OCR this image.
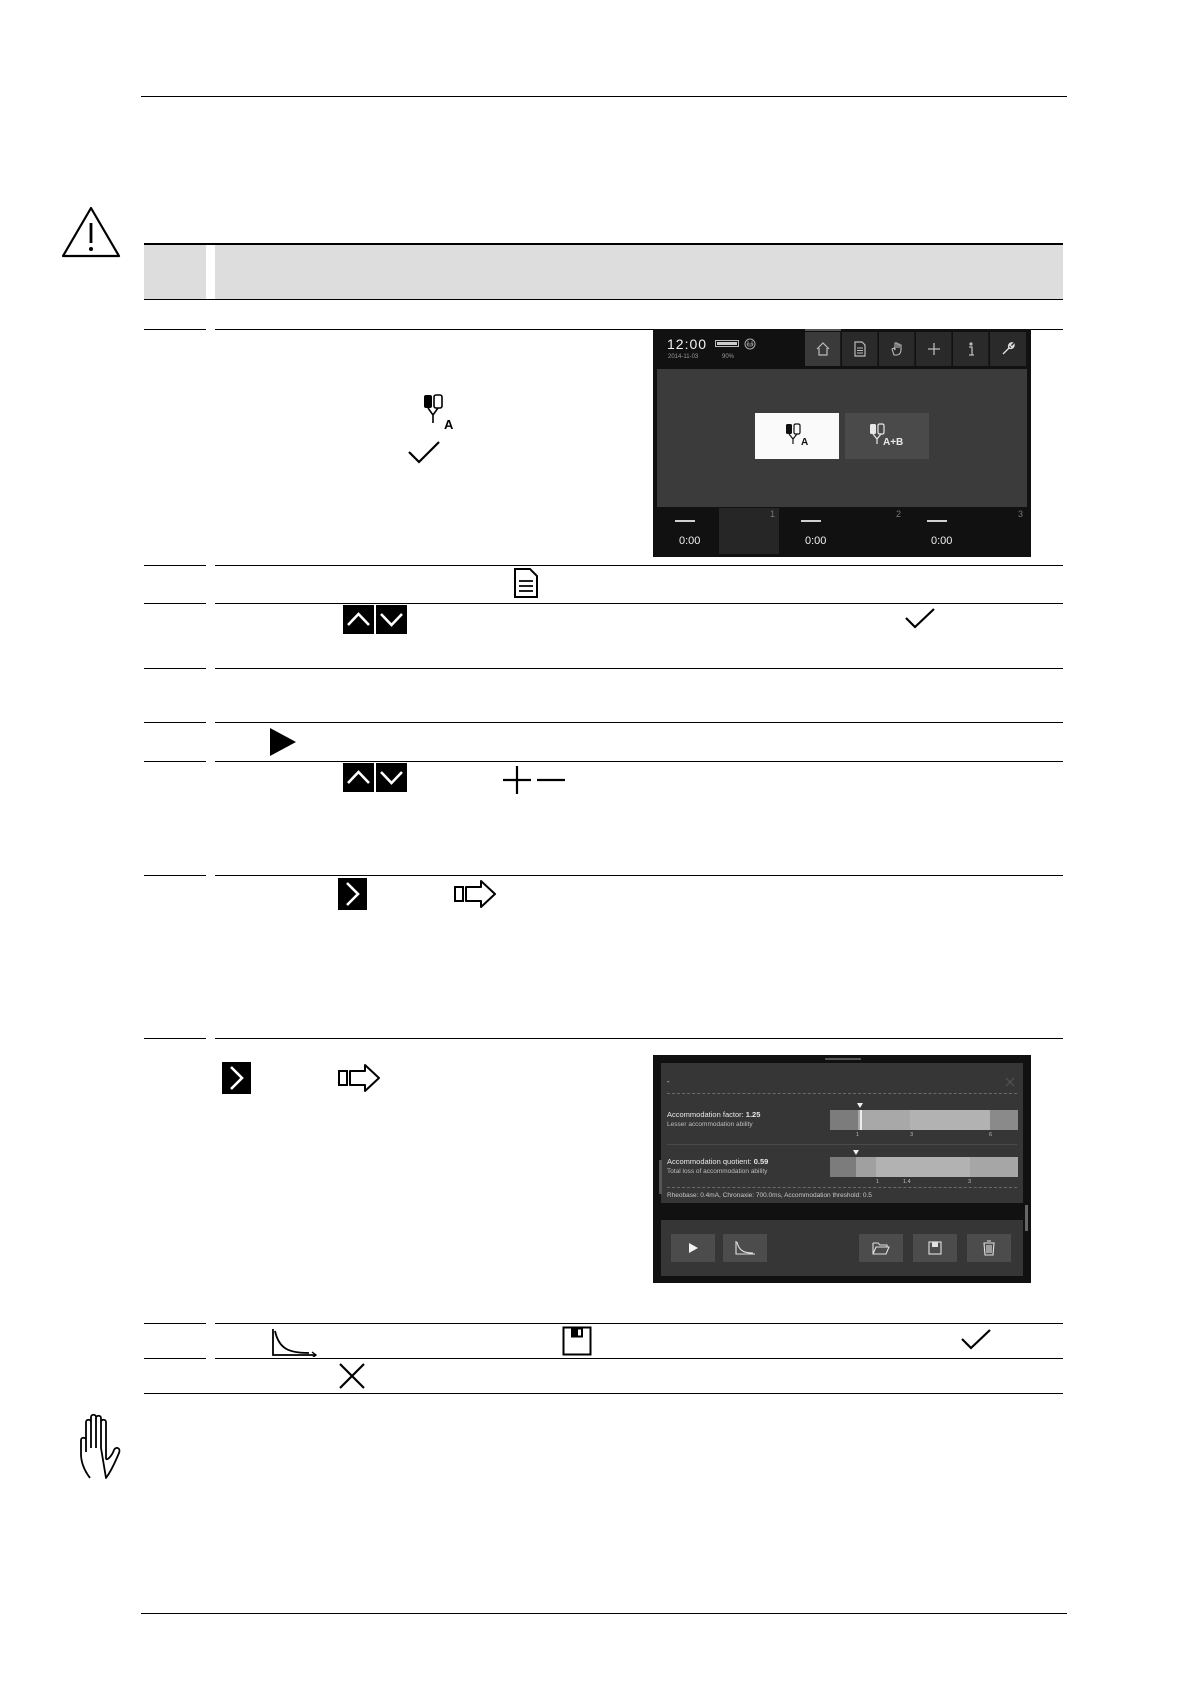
A
12:00
2014-11-03	90%
A	A+B
0:00
1
0:00
2
0:00
3
-
Accommodation factor: 1.25
Lesser accommodation ability
1	3	6
Accommodation quotient: 0.59
Total loss of accommodation ability
1	1.4	3
Rheobase: 0.4mA, Chronaxie: 700.0ms, Accommodation threshold: 0.5
